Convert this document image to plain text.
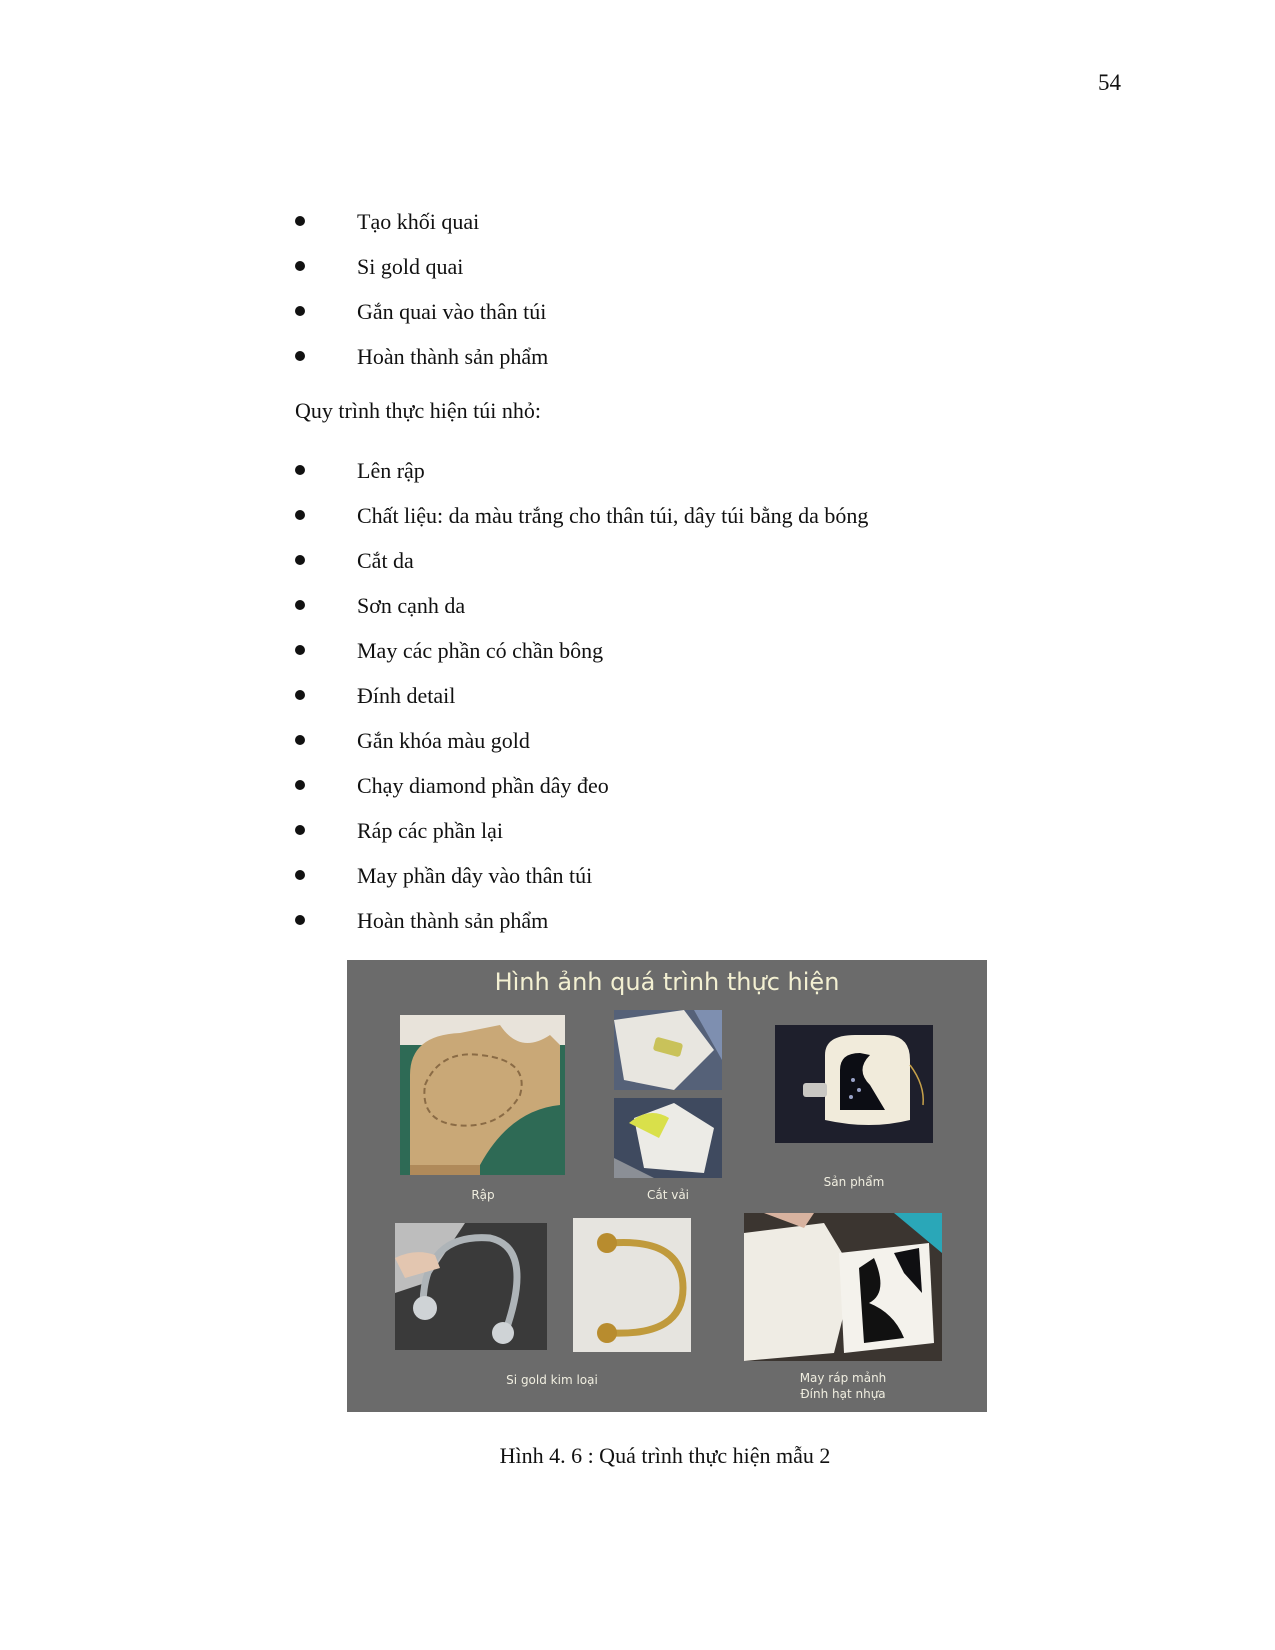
54
Tạo khối quai
Si gold quai
Gắn quai vào thân túi
Hoàn thành sản phẩm
Quy trình thực hiện túi nhỏ:
Lên rập
Chất liệu: da màu trắng cho thân túi, dây túi bằng da bóng
Cắt da
Sơn cạnh da
May các phần có chần bông
Đính detail
Gắn khóa màu gold
Chạy diamond phần dây đeo
Ráp các phần lại
May phần dây vào thân túi
Hoàn thành sản phẩm
Hình ảnh quá trình thực hiện
Rập	Cắt vải
Sản phẩm
Si gold kim loại	May ráp mảnh
Đính hạt nhựa
Hình 4. 6 : Quá trình thực hiện mẫu 2
